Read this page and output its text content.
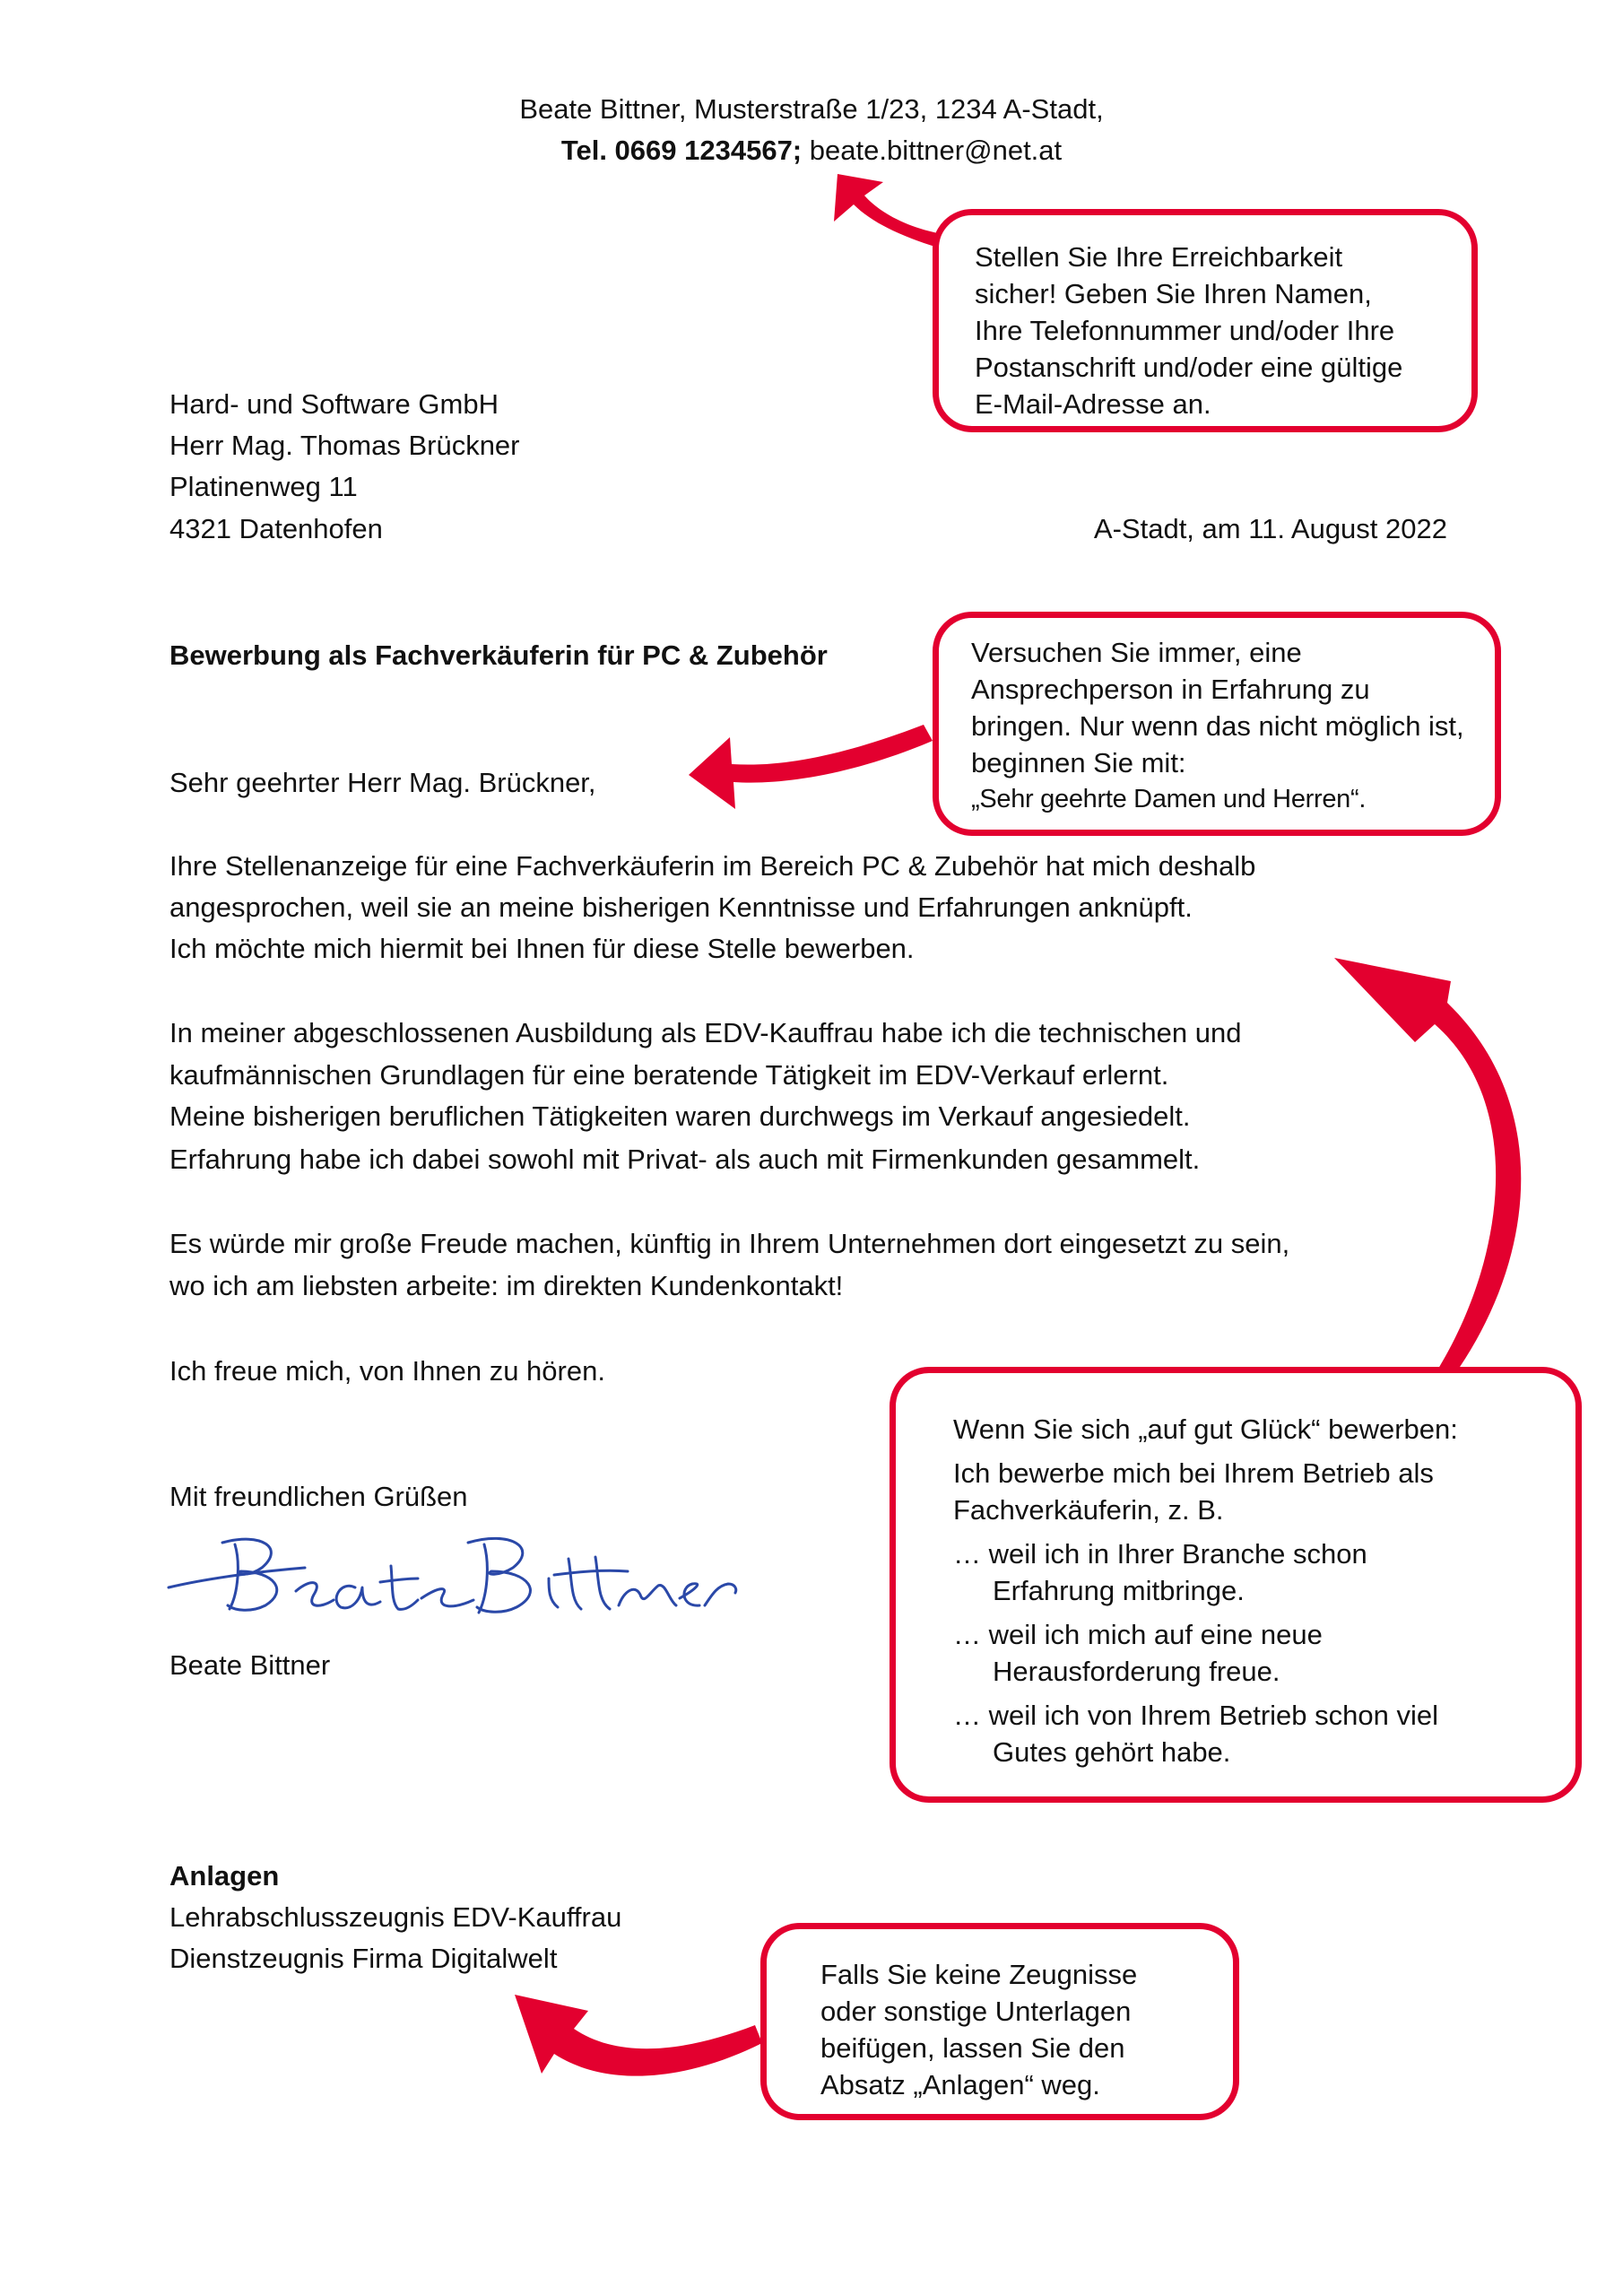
Beate Bittner, Musterstraße 1/23, 1234 A-Stadt,

Tel. 0669 1234567; beate.bittner@net.at

Hard- und Software GmbH

Herr Mag. Thomas Brückner

Platinenweg 11

4321 Datenhofen	A-Stadt, am 11. August 2022

Bewerbung als Fachverkäuferin für PC & Zubehör

Sehr geehrter Herr Mag. Brückner,

Ihre Stellenanzeige für eine Fachverkäuferin im Bereich PC & Zubehör hat mich deshalb

angesprochen, weil sie an meine bisherigen Kenntnisse und Erfahrungen anknüpft.

Ich möchte mich hiermit bei Ihnen für diese Stelle bewerben.

In meiner abgeschlossenen Ausbildung als EDV-Kauffrau habe ich die technischen und

kaufmännischen Grundlagen für eine beratende Tätigkeit im EDV-Verkauf erlernt.

Meine bisherigen beruflichen Tätigkeiten waren durchwegs im Verkauf angesiedelt.

Erfahrung habe ich dabei sowohl mit Privat- als auch mit Firmenkunden gesammelt.

Es würde mir große Freude machen, künftig in Ihrem Unternehmen dort eingesetzt zu sein,

wo ich am liebsten arbeite: im direkten Kundenkontakt!

Ich freue mich, von Ihnen zu hören.

Mit freundlichen Grüßen

Beate Bittner

Anlagen

Lehrabschlusszeugnis EDV-Kauffrau

Dienstzeugnis Firma Digitalwelt

Stellen Sie Ihre Erreichbarkeit

sicher! Geben Sie Ihren Namen,

Ihre Telefonnummer und/oder Ihre

Postanschrift und/oder eine gültige

E-Mail-Adresse an.

Versuchen Sie immer, eine

Ansprechperson in Erfahrung zu

bringen. Nur wenn das nicht möglich ist,

beginnen Sie mit:

„Sehr geehrte Damen und Herren“.

Wenn Sie sich „auf gut Glück“ bewerben:

Ich bewerbe mich bei Ihrem Betrieb als

Fachverkäuferin, z. B.

… weil ich in Ihrer Branche schon

Erfahrung mitbringe.

… weil ich mich auf eine neue

Herausforderung freue.

… weil ich von Ihrem Betrieb schon viel

Gutes gehört habe.

Falls Sie keine Zeugnisse

oder sonstige Unterlagen

beifügen, lassen Sie den

Absatz „Anlagen“ weg.
